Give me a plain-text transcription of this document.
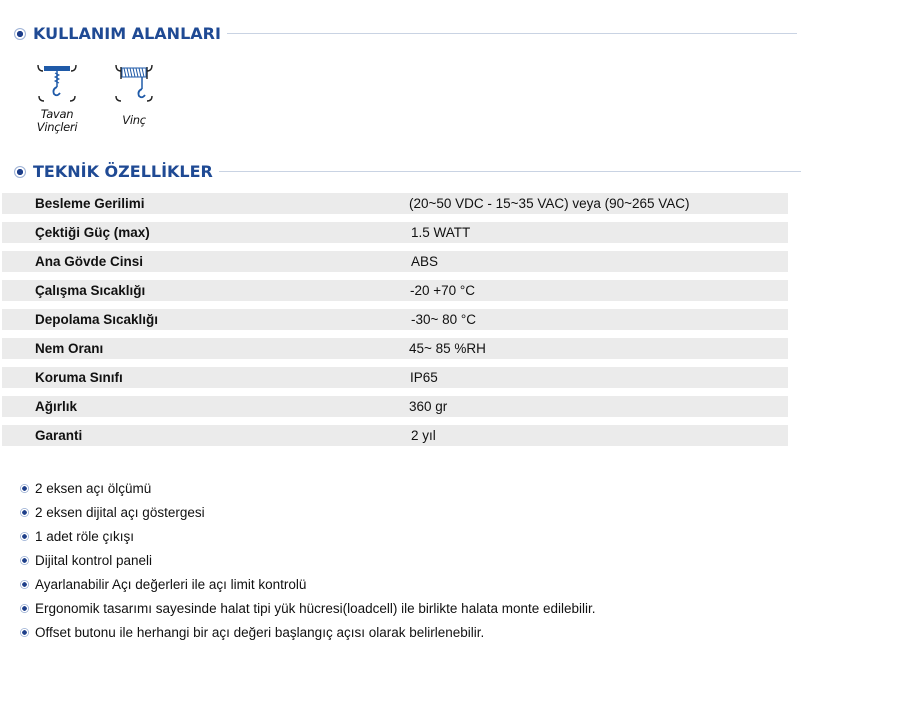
KULLANIM ALANLARI
Tavan Vinçleri	Vinç
TEKNİK ÖZELLİKLER
Besleme Gerilimi	(20~50 VDC - 15~35 VAC) veya (90~265 VAC)
Çektiği Güç (max)	1.5 WATT
Ana Gövde Cinsi	ABS
Çalışma Sıcaklığı	-20 +70 °C
Depolama Sıcaklığı	-30~ 80 °C
Nem Oranı	45~ 85 %RH
Koruma Sınıfı	IP65
Ağırlık	360 gr
Garanti	2 yıl
2 eksen açı ölçümü
2 eksen dijital açı göstergesi
1 adet röle çıkışı
Dijital kontrol paneli
Ayarlanabilir Açı değerleri ile açı limit kontrolü
Ergonomik tasarımı sayesinde halat tipi yük hücresi(loadcell) ile birlikte halata monte edilebilir.
Offset butonu ile herhangi bir açı değeri başlangıç açısı olarak belirlenebilir.
